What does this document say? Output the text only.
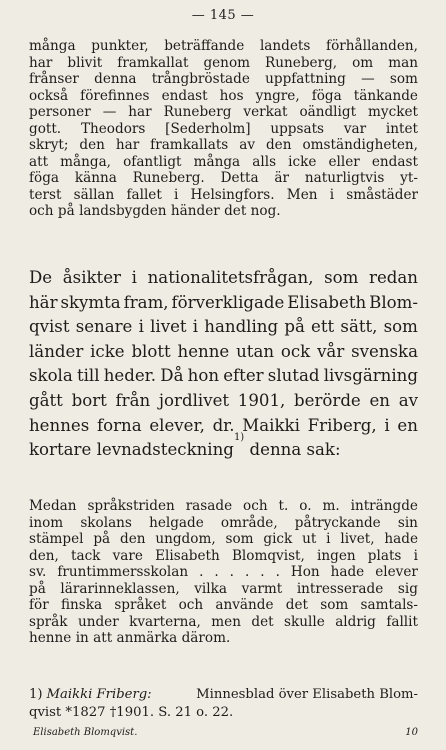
— 145 —
många punkter, beträffande landets förhållanden,
har blivit framkallat genom Runeberg, om man
frånser denna trångbröstade uppfattning — som
också förefinnes endast hos yngre, föga tänkande
personer — har Runeberg verkat oändligt mycket
gott. Theodors [Sederholm] uppsats var intet
skryt; den har framkallats av den omständigheten,
att många, ofantligt många alls icke eller endast
föga känna Runeberg. Detta är naturligtvis yt-
terst sällan fallet i Helsingfors. Men i småstäder
och på landsbygden händer det nog.
De åsikter i nationalitetsfrågan, som redan
här skymta fram, förverkligade Elisabeth Blom-
qvist senare i livet i handling på ett sätt, som
länder icke blott henne utan ock vår svenska
skola till heder. Då hon efter slutad livsgärning
gått bort från jordlivet 1901, berörde en av
hennes forna elever, dr. Maikki Friberg, i en
kortare levnadsteckning
1)
denna sak:
Medan språkstriden rasade och t. o. m. inträngde
inom skolans helgade område, påtryckande sin
stämpel på den ungdom, som gick ut i livet, hade
den, tack vare Elisabeth Blomqvist, ingen plats i
sv. fruntimmersskolan . . . . . . Hon hade elever
på lärarinneklassen, vilka varmt intresserade sig
för finska språket och använde det som samtals-
språk under kvarterna, men det skulle aldrig fallit
henne in att anmärka därom.
1) Maikki Friberg:	Minnesblad över Elisabeth Blom-
qvist *1827 †1901. S. 21 o. 22.
Elisabeth Blomqvist.	10
